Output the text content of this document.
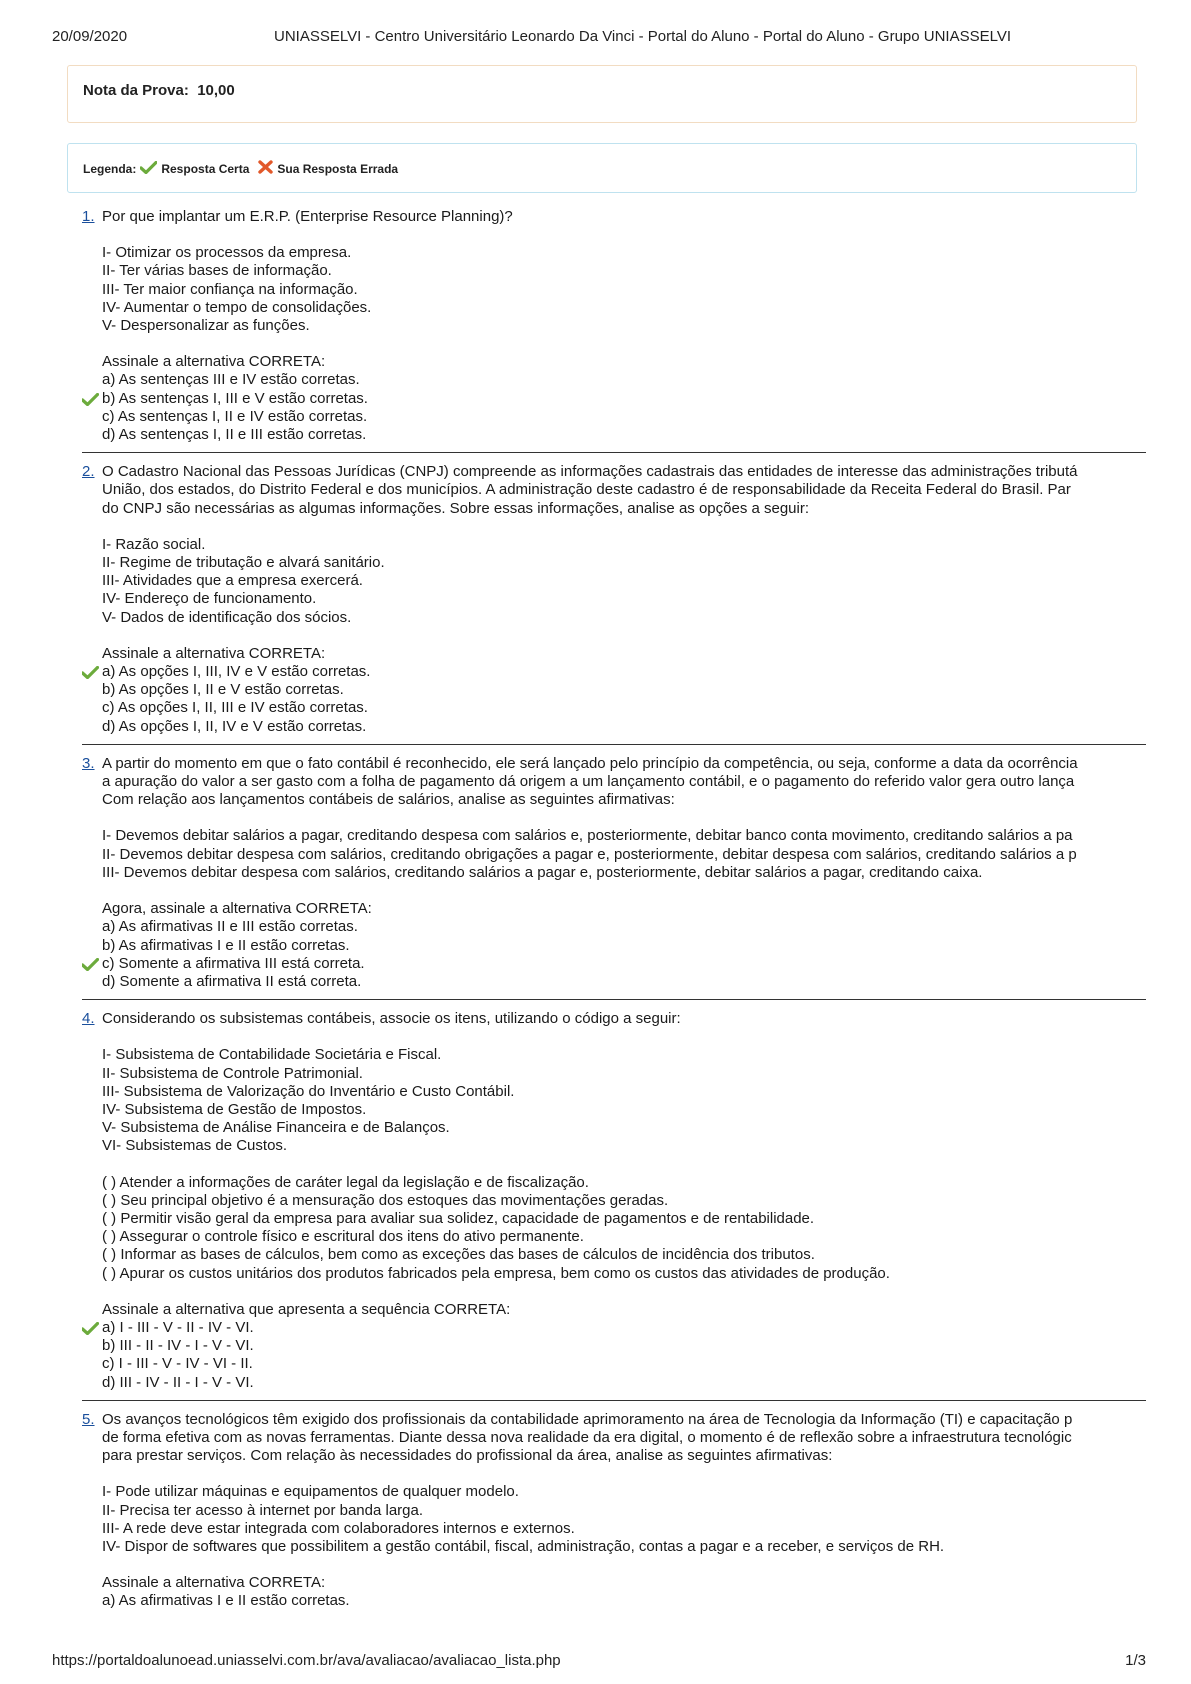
20/09/2020	UNIASSELVI - Centro Universitário Leonardo Da Vinci - Portal do Aluno - Portal do Aluno - Grupo UNIASSELVI
Nota da Prova: 10,00
Legenda: Resposta Certa Sua Resposta Errada
1. Por que implantar um E.R.P. (Enterprise Resource Planning)?
I- Otimizar os processos da empresa.
II- Ter várias bases de informação.
III- Ter maior confiança na informação.
IV- Aumentar o tempo de consolidações.
V- Despersonalizar as funções.
Assinale a alternativa CORRETA:
a) As sentenças III e IV estão corretas.
b) As sentenças I, III e V estão corretas.
c) As sentenças I, II e IV estão corretas.
d) As sentenças I, II e III estão corretas.
2. O Cadastro Nacional das Pessoas Jurídicas (CNPJ) compreende as informações cadastrais das entidades de interesse das administrações tributá
União, dos estados, do Distrito Federal e dos municípios. A administração deste cadastro é de responsabilidade da Receita Federal do Brasil. Par
do CNPJ são necessárias as algumas informações. Sobre essas informações, analise as opções a seguir:
I- Razão social.
II- Regime de tributação e alvará sanitário.
III- Atividades que a empresa exercerá.
IV- Endereço de funcionamento.
V- Dados de identificação dos sócios.
Assinale a alternativa CORRETA:
a) As opções I, III, IV e V estão corretas.
b) As opções I, II e V estão corretas.
c) As opções I, II, III e IV estão corretas.
d) As opções I, II, IV e V estão corretas.
3. A partir do momento em que o fato contábil é reconhecido, ele será lançado pelo princípio da competência, ou seja, conforme a data da ocorrência
a apuração do valor a ser gasto com a folha de pagamento dá origem a um lançamento contábil, e o pagamento do referido valor gera outro lança
Com relação aos lançamentos contábeis de salários, analise as seguintes afirmativas:
I- Devemos debitar salários a pagar, creditando despesa com salários e, posteriormente, debitar banco conta movimento, creditando salários a pa
II- Devemos debitar despesa com salários, creditando obrigações a pagar e, posteriormente, debitar despesa com salários, creditando salários a p
III- Devemos debitar despesa com salários, creditando salários a pagar e, posteriormente, debitar salários a pagar, creditando caixa.
Agora, assinale a alternativa CORRETA:
a) As afirmativas II e III estão corretas.
b) As afirmativas I e II estão corretas.
c) Somente a afirmativa III está correta.
d) Somente a afirmativa II está correta.
4. Considerando os subsistemas contábeis, associe os itens, utilizando o código a seguir:
I- Subsistema de Contabilidade Societária e Fiscal.
II- Subsistema de Controle Patrimonial.
III- Subsistema de Valorização do Inventário e Custo Contábil.
IV- Subsistema de Gestão de Impostos.
V- Subsistema de Análise Financeira e de Balanços.
VI- Subsistemas de Custos.
( ) Atender a informações de caráter legal da legislação e de fiscalização.
( ) Seu principal objetivo é a mensuração dos estoques das movimentações geradas.
( ) Permitir visão geral da empresa para avaliar sua solidez, capacidade de pagamentos e de rentabilidade.
( ) Assegurar o controle físico e escritural dos itens do ativo permanente.
( ) Informar as bases de cálculos, bem como as exceções das bases de cálculos de incidência dos tributos.
( ) Apurar os custos unitários dos produtos fabricados pela empresa, bem como os custos das atividades de produção.
Assinale a alternativa que apresenta a sequência CORRETA:
a) I - III - V - II - IV - VI.
b) III - II - IV - I - V - VI.
c) I - III - V - IV - VI - II.
d) III - IV - II - I - V - VI.
5. Os avanços tecnológicos têm exigido dos profissionais da contabilidade aprimoramento na área de Tecnologia da Informação (TI) e capacitação p
de forma efetiva com as novas ferramentas. Diante dessa nova realidade da era digital, o momento é de reflexão sobre a infraestrutura tecnológic
para prestar serviços. Com relação às necessidades do profissional da área, analise as seguintes afirmativas:
I- Pode utilizar máquinas e equipamentos de qualquer modelo.
II- Precisa ter acesso à internet por banda larga.
III- A rede deve estar integrada com colaboradores internos e externos.
IV- Dispor de softwares que possibilitem a gestão contábil, fiscal, administração, contas a pagar e a receber, e serviços de RH.
Assinale a alternativa CORRETA:
a) As afirmativas I e II estão corretas.
https://portaldoalunoead.uniasselvi.com.br/ava/avaliacao/avaliacao_lista.php	1/3
